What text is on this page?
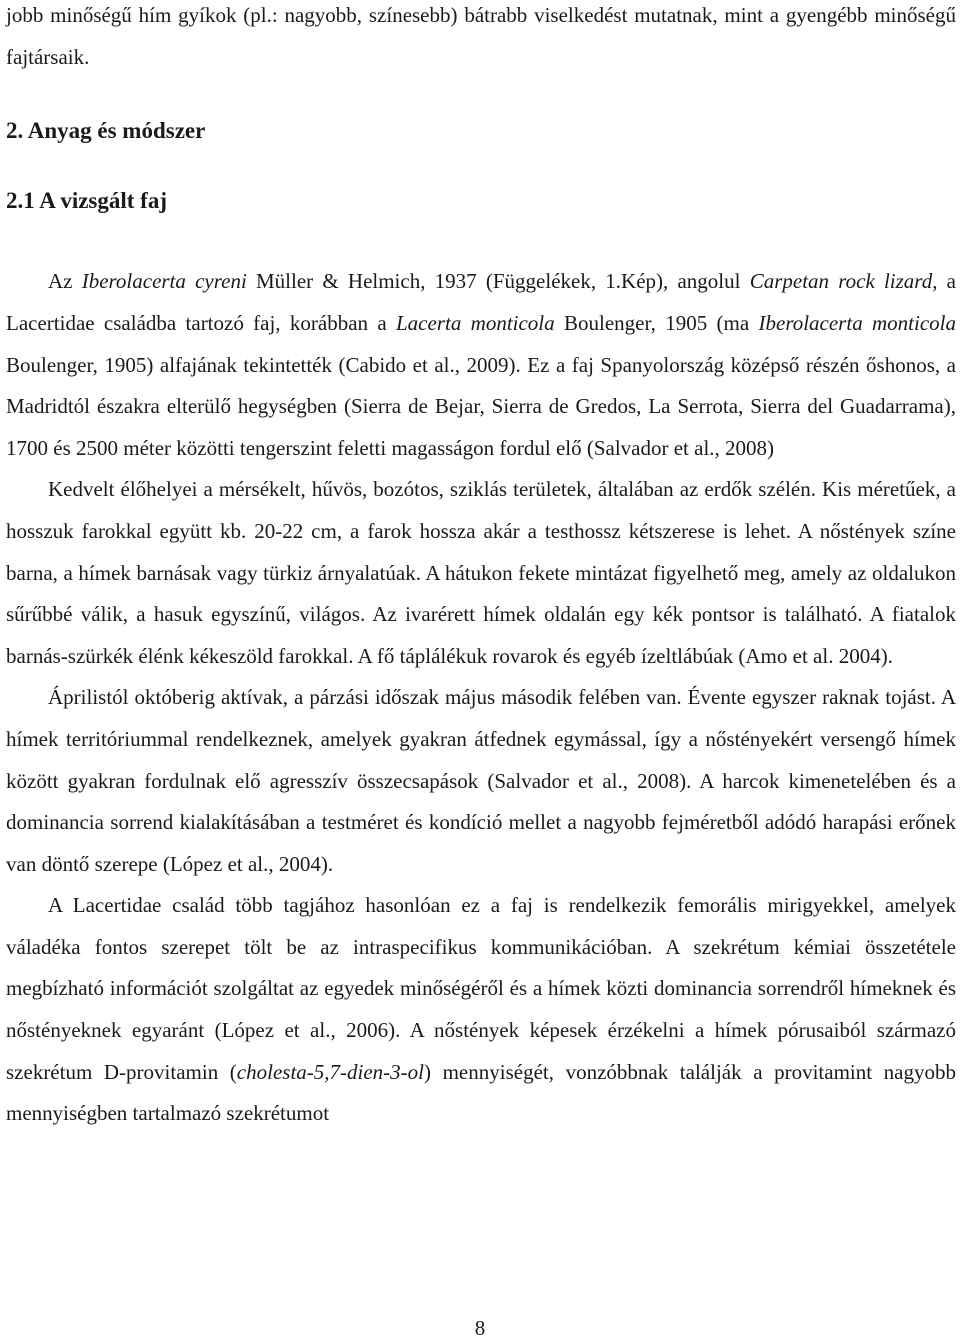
jobb minőségű hím gyíkok (pl.: nagyobb, színesebb) bátrabb viselkedést mutatnak, mint a gyengébb minőségű fajtársaik.

2. Anyag és módszer
2.1 A vizsgált faj

Az Iberolacerta cyreni Müller & Helmich, 1937 (Függelékek, 1.Kép), angolul Carpetan rock lizard, a Lacertidae családba tartozó faj, korábban a Lacerta monticola Boulenger, 1905 (ma Iberolacerta monticola Boulenger, 1905) alfajának tekintették (Cabido et al., 2009). Ez a faj Spanyolország középső részén őshonos, a Madridtól északra elterülő hegységben (Sierra de Bejar, Sierra de Gredos, La Serrota, Sierra del Guadarrama), 1700 és 2500 méter közötti tengerszint feletti magasságon fordul elő (Salvador et al., 2008)

Kedvelt élőhelyei a mérsékelt, hűvös, bozótos, sziklás területek, általában az erdők szélén. Kis méretűek, a hosszuk farokkal együtt kb. 20-22 cm, a farok hossza akár a testhossz kétszerese is lehet. A nőstények színe barna, a hímek barnásak vagy türkiz árnyalatúak. A hátukon fekete mintázat figyelhető meg, amely az oldalukon sűrűbbé válik, a hasuk egyszínű, világos. Az ivarérett hímek oldalán egy kék pontsor is található. A fiatalok barnás-szürkék élénk kékeszöld farokkal. A fő táplálékuk rovarok és egyéb ízeltlábúak (Amo et al. 2004).

Áprilistól októberig aktívak, a párzási időszak május második felében van. Évente egyszer raknak tojást. A hímek territóriummal rendelkeznek, amelyek gyakran átfednek egymással, így a nőstényekért versengő hímek között gyakran fordulnak elő agresszív összecsapások (Salvador et al., 2008). A harcok kimenetelében és a dominancia sorrend kialakításában a testméret és kondíció mellet a nagyobb fejméretből adódó harapási erőnek van döntő szerepe (López et al., 2004).

A Lacertidae család több tagjához hasonlóan ez a faj is rendelkezik femorális mirigyekkel, amelyek váladéka fontos szerepet tölt be az intraspecifikus kommunikációban. A szekrétum kémiai összetétele megbízható információt szolgáltat az egyedek minőségéről és a hímek közti dominancia sorrendről hímeknek és nőstényeknek egyaránt (López et al., 2006). A nőstények képesek érzékelni a hímek pórusaiból származó szekrétum D-provitamin (cholesta-5,7-dien-3-ol) mennyiségét, vonzóbbnak találják a provitamint nagyobb mennyiségben tartalmazó szekrétumot

8
